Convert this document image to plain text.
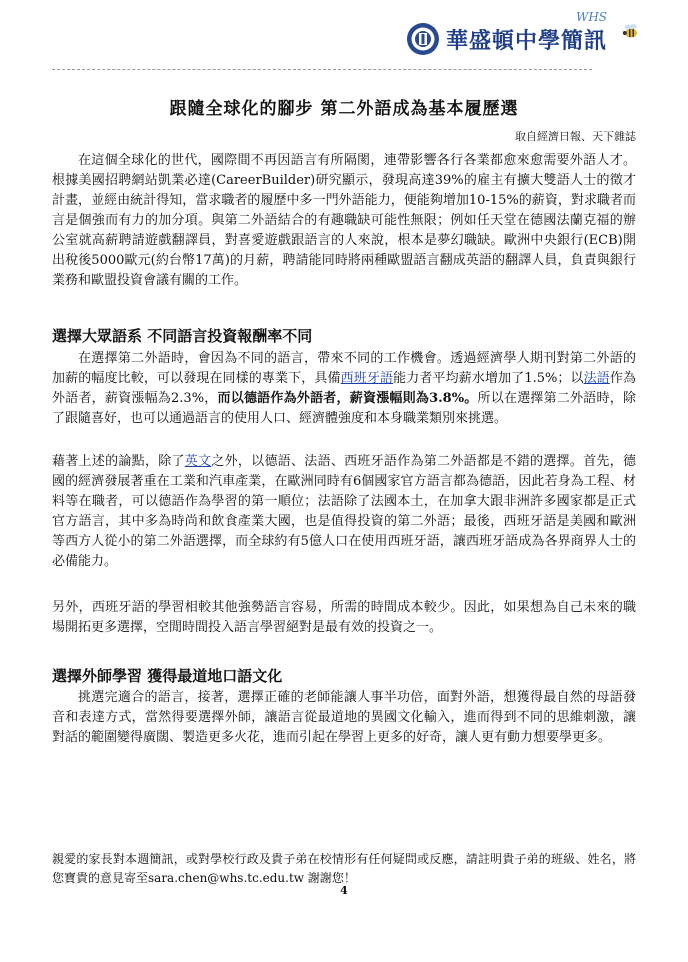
華盛頓中學簡訊
WHS
跟隨全球化的腳步 第二外語成為基本履歷選
取自經濟日報、天下雜誌

在這個全球化的世代，國際間不再因語言有所隔閡，連帶影響各行各業都愈來愈需要外語人才。根據美國招聘網站凱業必達(CareerBuilder)研究顯示，發現高達39%的雇主有擴大雙語人士的徵才計畫，並經由統計得知，當求職者的履歷中多一門外語能力，便能夠增加10-15%的薪資，對求職者而言是個強而有力的加分項。與第二外語結合的有趣職缺可能性無限；例如任天堂在德國法蘭克福的辦公室就高薪聘請遊戲翻譯員，對喜愛遊戲跟語言的人來說，根本是夢幻職缺。歐洲中央銀行(ECB)開出稅後5000歐元(約台幣17萬)的月薪，聘請能同時將兩種歐盟語言翻成英語的翻譯人員，負責與銀行業務和歐盟投資會議有關的工作。

選擇大眾語系 不同語言投資報酬率不同

在選擇第二外語時，會因為不同的語言，帶來不同的工作機會。透過經濟學人期刊對第二外語的加薪的幅度比較，可以發現在同樣的專業下，具備西班牙語能力者平均薪水增加了1.5%；以法語作為外語者，薪資漲幅為2.3%，而以德語作為外語者，薪資漲幅則為3.8%。所以在選擇第二外語時，除了跟隨喜好，也可以通過語言的使用人口、經濟體強度和本身職業類別來挑選。

藉著上述的論點，除了英文之外，以德語、法語、西班牙語作為第二外語都是不錯的選擇。首先，德國的經濟發展著重在工業和汽車產業，在歐洲同時有6個國家官方語言都為德語，因此若身為工程、材料等在職者，可以德語作為學習的第一順位；法語除了法國本土，在加拿大跟非洲許多國家都是正式官方語言，其中多為時尚和飲食產業大國，也是值得投資的第二外語；最後，西班牙語是美國和歐洲等西方人從小的第二外語選擇，而全球約有5億人口在使用西班牙語，讓西班牙語成為各界商界人士的必備能力。

另外，西班牙語的學習相較其他強勢語言容易，所需的時間成本較少。因此，如果想為自己未來的職場開拓更多選擇，空閒時間投入語言學習絕對是最有效的投資之一。

選擇外師學習 獲得最道地口語文化

挑選完適合的語言，接著，選擇正確的老師能讓人事半功倍，面對外語，想獲得最自然的母語發音和表達方式，當然得要選擇外師，讓語言從最道地的異國文化輸入，進而得到不同的思維刺激，讓對話的範圍變得廣闊、製造更多火花，進而引起在學習上更多的好奇，讓人更有動力想要學更多。

親愛的家長對本週簡訊，或對學校行政及貴子弟在校情形有任何疑問或反應，請註明貴子弟的班級、姓名，將您寶貴的意見寄至sara.chen@whs.tc.edu.tw 謝謝您！

4
